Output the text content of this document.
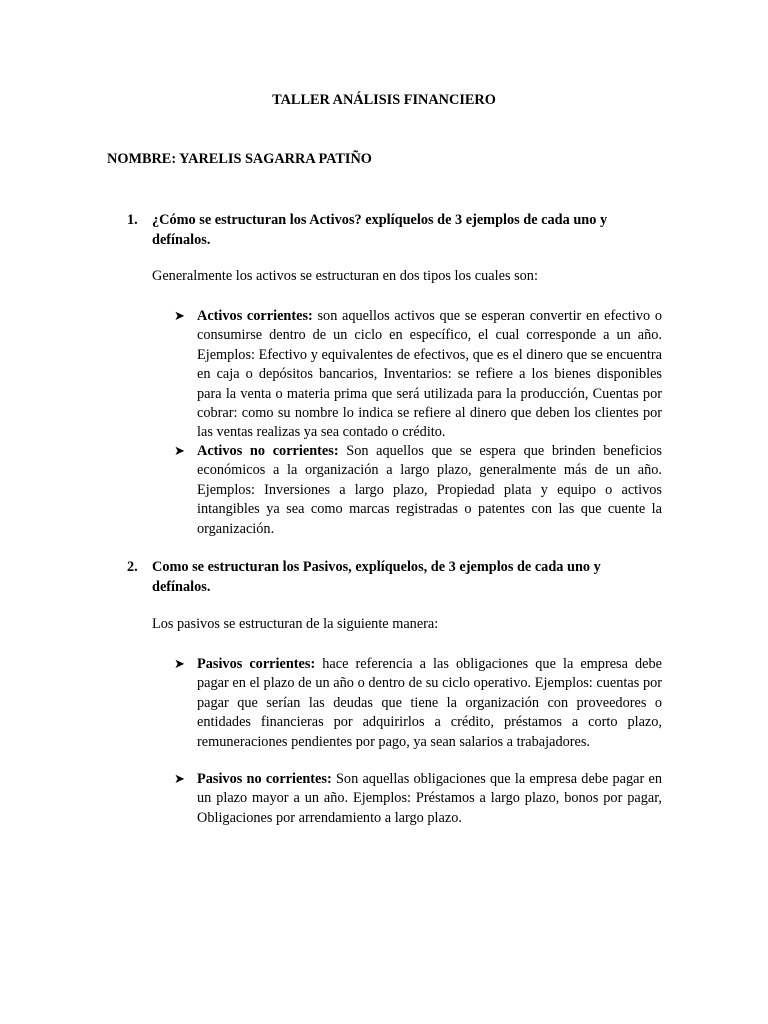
TALLER ANÁLISIS FINANCIERO
NOMBRE: YARELIS SAGARRA PATIÑO
1. ¿Cómo se estructuran los Activos? explíquelos de 3 ejemplos de cada uno y defínalos.
Generalmente los activos se estructuran en dos tipos los cuales son:
➤ Activos corrientes: son aquellos activos que se esperan convertir en efectivo o consumirse dentro de un ciclo en específico, el cual corresponde a un año. Ejemplos: Efectivo y equivalentes de efectivos, que es el dinero que se encuentra en caja o depósitos bancarios, Inventarios: se refiere a los bienes disponibles para la venta o materia prima que será utilizada para la producción, Cuentas por cobrar: como su nombre lo indica se refiere al dinero que deben los clientes por las ventas realizas ya sea contado o crédito.
➤ Activos no corrientes: Son aquellos que se espera que brinden beneficios económicos a la organización a largo plazo, generalmente más de un año. Ejemplos: Inversiones a largo plazo, Propiedad plata y equipo o activos intangibles ya sea como marcas registradas o patentes con las que cuente la organización.
2. Como se estructuran los Pasivos, explíquelos, de 3 ejemplos de cada uno y defínalos.
Los pasivos se estructuran de la siguiente manera:
➤ Pasivos corrientes: hace referencia a las obligaciones que la empresa debe pagar en el plazo de un año o dentro de su ciclo operativo. Ejemplos: cuentas por pagar que serían las deudas que tiene la organización con proveedores o entidades financieras por adquirirlos a crédito, préstamos a corto plazo, remuneraciones pendientes por pago, ya sean salarios a trabajadores.
➤ Pasivos no corrientes: Son aquellas obligaciones que la empresa debe pagar en un plazo mayor a un año. Ejemplos: Préstamos a largo plazo, bonos por pagar, Obligaciones por arrendamiento a largo plazo.
